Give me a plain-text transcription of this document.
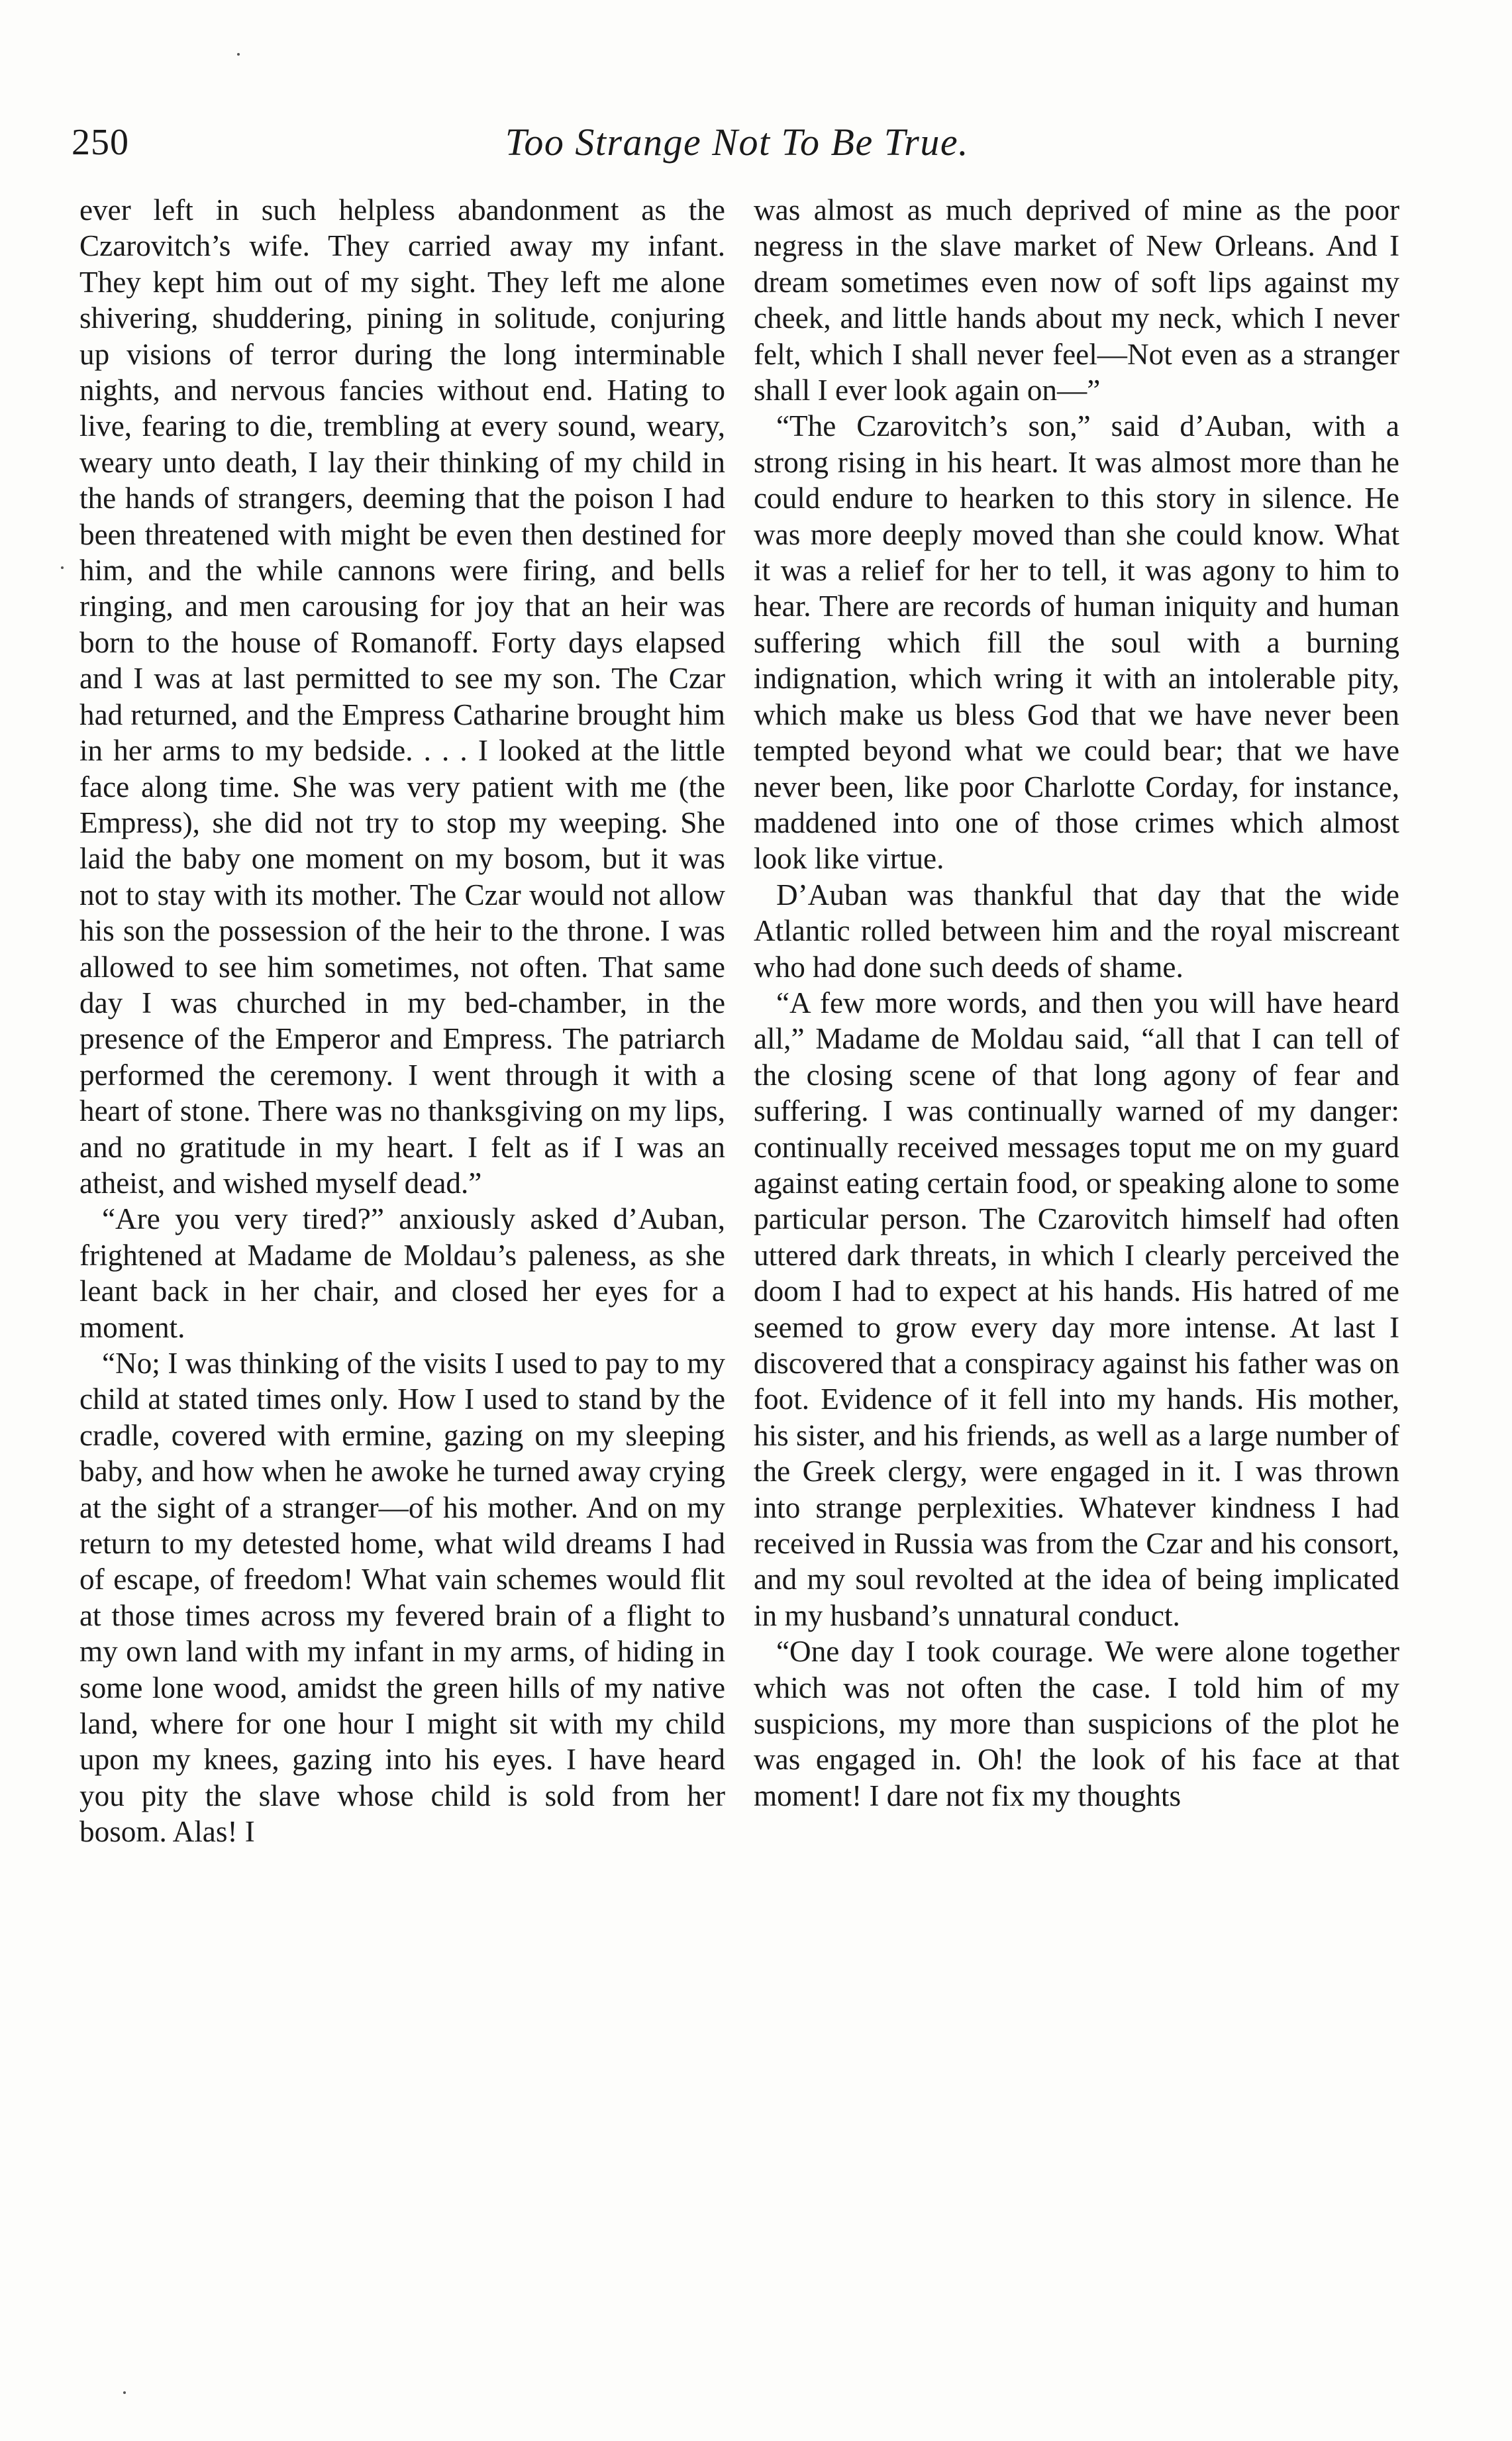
250	Too Strange Not To Be True.

ever left in such helpless abandonment as the Czarovitch’s wife. They carried away my infant. They kept him out of my sight. They left me alone shivering, shuddering, pining in solitude, conjuring up visions of terror during the long interminable nights, and nervous fancies without end. Hating to live, fearing to die, trembling at every sound, weary, weary unto death, I lay their thinking of my child in the hands of strangers, deeming that the poison I had been threatened with might be even then destined for him, and the while cannons were firing, and bells ringing, and men carousing for joy that an heir was born to the house of Romanoff. Forty days elapsed and I was at last permitted to see my son. The Czar had returned, and the Empress Catharine brought him in her arms to my bedside. . . . I looked at the little face along time. She was very patient with me (the Empress), she did not try to stop my weeping. She laid the baby one moment on my bosom, but it was not to stay with its mother. The Czar would not allow his son the possession of the heir to the throne. I was allowed to see him sometimes, not often. That same day I was churched in my bed-chamber, in the presence of the Emperor and Empress. The patriarch performed the ceremony. I went through it with a heart of stone. There was no thanksgiving on my lips, and no gratitude in my heart. I felt as if I was an atheist, and wished myself dead.”

“Are you very tired?” anxiously asked d’Auban, frightened at Madame de Moldau’s paleness, as she leant back in her chair, and closed her eyes for a moment.

“No; I was thinking of the visits I used to pay to my child at stated times only. How I used to stand by the cradle, covered with ermine, gazing on my sleeping baby, and how when he awoke he turned away crying at the sight of a stranger—of his mother. And on my return to my detested home, what wild dreams I had of escape, of freedom! What vain schemes would flit at those times across my fevered brain of a flight to my own land with my infant in my arms, of hiding in some lone wood, amidst the green hills of my native land, where for one hour I might sit with my child upon my knees, gazing into his eyes. I have heard you pity the slave whose child is sold from her bosom. Alas! I

was almost as much deprived of mine as the poor negress in the slave market of New Orleans. And I dream sometimes even now of soft lips against my cheek, and little hands about my neck, which I never felt, which I shall never feel—Not even as a stranger shall I ever look again on—”

“The Czarovitch’s son,” said d’Auban, with a strong rising in his heart. It was almost more than he could endure to hearken to this story in silence. He was more deeply moved than she could know. What it was a relief for her to tell, it was agony to him to hear. There are records of human iniquity and human suffering which fill the soul with a burning indignation, which wring it with an intolerable pity, which make us bless God that we have never been tempted beyond what we could bear; that we have never been, like poor Charlotte Corday, for instance, maddened into one of those crimes which almost look like virtue.

D’Auban was thankful that day that the wide Atlantic rolled between him and the royal miscreant who had done such deeds of shame.

“A few more words, and then you will have heard all,” Madame de Moldau said, “all that I can tell of the closing scene of that long agony of fear and suffering. I was continually warned of my danger: continually received messages toput me on my guard against eating certain food, or speaking alone to some particular person. The Czarovitch himself had often uttered dark threats, in which I clearly perceived the doom I had to expect at his hands. His hatred of me seemed to grow every day more intense. At last I discovered that a conspiracy against his father was on foot. Evidence of it fell into my hands. His mother, his sister, and his friends, as well as a large number of the Greek clergy, were engaged in it. I was thrown into strange perplexities. Whatever kindness I had received in Russia was from the Czar and his consort, and my soul revolted at the idea of being implicated in my husband’s unnatural conduct.

“One day I took courage. We were alone together which was not often the case. I told him of my suspicions, my more than suspicions of the plot he was engaged in. Oh! the look of his face at that moment! I dare not fix my thoughts
